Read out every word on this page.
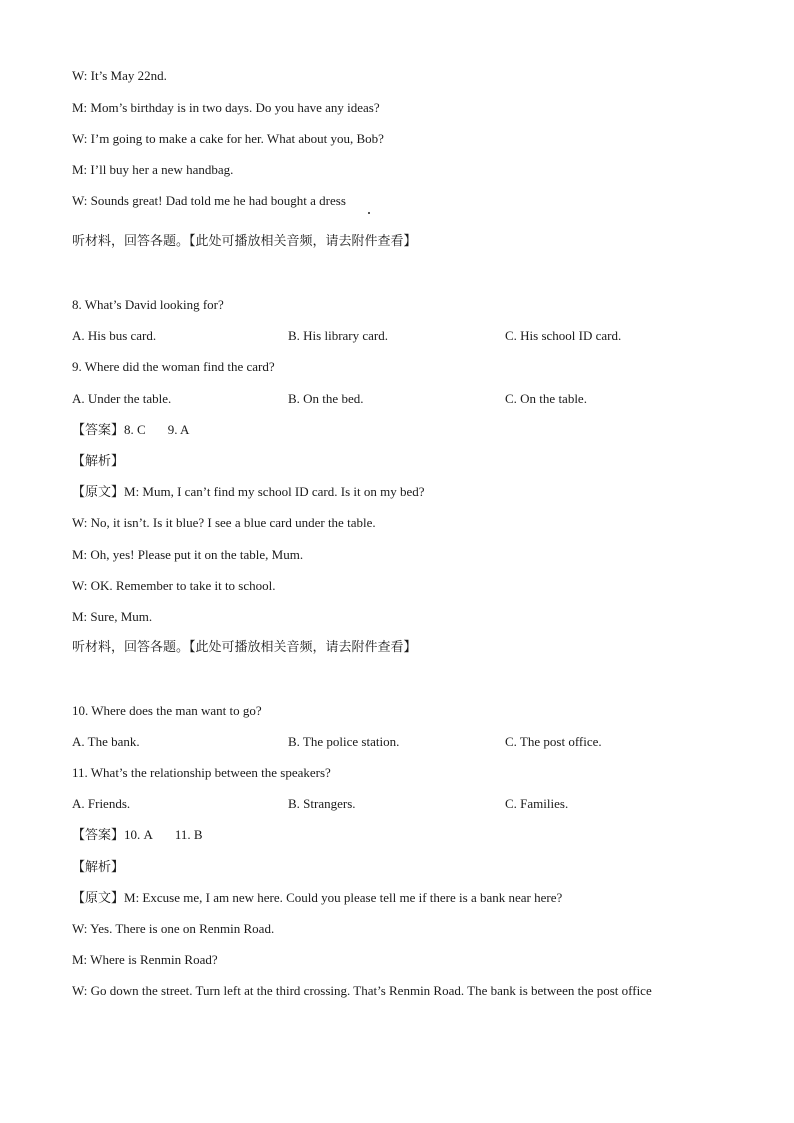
W: It’s May 22nd.
M: Mom’s birthday is in two days. Do you have any ideas?
W: I’m going to make a cake for her. What about you, Bob?
M: I’ll buy her a new handbag.
W: Sounds great! Dad told me he had bought a dress
听材料，回答各题。【此处可播放相关音频，请去附件查看】
8. What’s David looking for?
A. His bus card.	B. His library card.	C. His school ID card.
9. Where did the woman find the card?
A. Under the table.	B. On the bed.	C. On the table.
【答案】8. C 9. A
【解析】
【原文】M: Mum, I can’t find my school ID card. Is it on my bed?
W: No, it isn’t. Is it blue? I see a blue card under the table.
M: Oh, yes! Please put it on the table, Mum.
W: OK. Remember to take it to school.
M: Sure, Mum.
听材料，回答各题。【此处可播放相关音频，请去附件查看】
10. Where does the man want to go?
A. The bank.	B. The police station.	C. The post office.
11. What’s the relationship between the speakers?
A. Friends.	B. Strangers.	C. Families.
【答案】10. A 11. B
【解析】
【原文】M: Excuse me, I am new here. Could you please tell me if there is a bank near here?
W: Yes. There is one on Renmin Road.
M: Where is Renmin Road?
W: Go down the street. Turn left at the third crossing. That’s Renmin Road. The bank is between the post office
